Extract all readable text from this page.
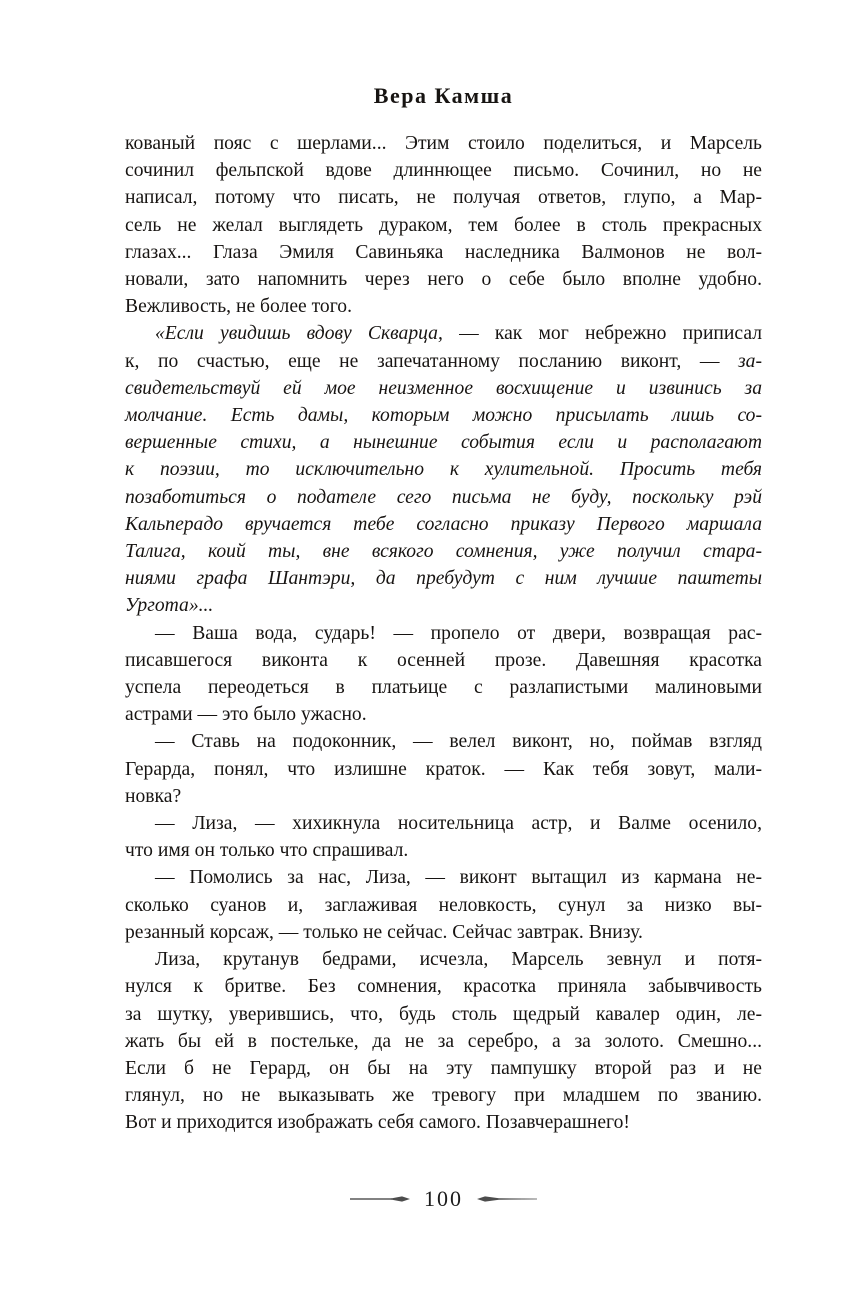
Вера Камша
кованый пояс с шерлами... Этим стоило поделиться, и Марсель
сочинил фельпской вдове длиннющее письмо. Сочинил, но не
написал, потому что писать, не получая ответов, глупо, а Мар-
сель не желал выглядеть дураком, тем более в столь прекрасных
глазах... Глаза Эмиля Савиньяка наследника Валмонов не вол-
новали, зато напомнить через него о себе было вполне удобно.
Вежливость, не более того.
«Если увидишь вдову Скварца, — как мог небрежно приписал
к, по счастью, еще не запечатанному посланию виконт, — за-
свидетельствуй ей мое неизменное восхищение и извинись за
молчание. Есть дамы, которым можно присылать лишь со-
вершенные стихи, а нынешние события если и располагают
к поэзии, то исключительно к хулительной. Просить тебя
позаботиться о подателе сего письма не буду, поскольку рэй
Кальперадо вручается тебе согласно приказу Первого маршала
Талига, коий ты, вне всякого сомнения, уже получил стара-
ниями графа Шантэри, да пребудут с ним лучшие паштеты
Ургота»...
— Ваша вода, сударь! — пропело от двери, возвращая рас-
писавшегося виконта к осенней прозе. Давешняя красотка
успела переодеться в платьице с разлапистыми малиновыми
астрами — это было ужасно.
— Ставь на подоконник, — велел виконт, но, поймав взгляд
Герарда, понял, что излишне краток. — Как тебя зовут, мали-
новка?
— Лиза, — хихикнула носительница астр, и Валме осенило,
что имя он только что спрашивал.
— Помолись за нас, Лиза, — виконт вытащил из кармана не-
сколько суанов и, заглаживая неловкость, сунул за низко вы-
резанный корсаж, — только не сейчас. Сейчас завтрак. Внизу.
Лиза, крутанув бедрами, исчезла, Марсель зевнул и потя-
нулся к бритве. Без сомнения, красотка приняла забывчивость
за шутку, уверившись, что, будь столь щедрый кавалер один, ле-
жать бы ей в постельке, да не за серебро, а за золото. Смешно...
Если б не Герард, он бы на эту пампушку второй раз и не
глянул, но не выказывать же тревогу при младшем по званию.
Вот и приходится изображать себя самого. Позавчерашнего!
100
